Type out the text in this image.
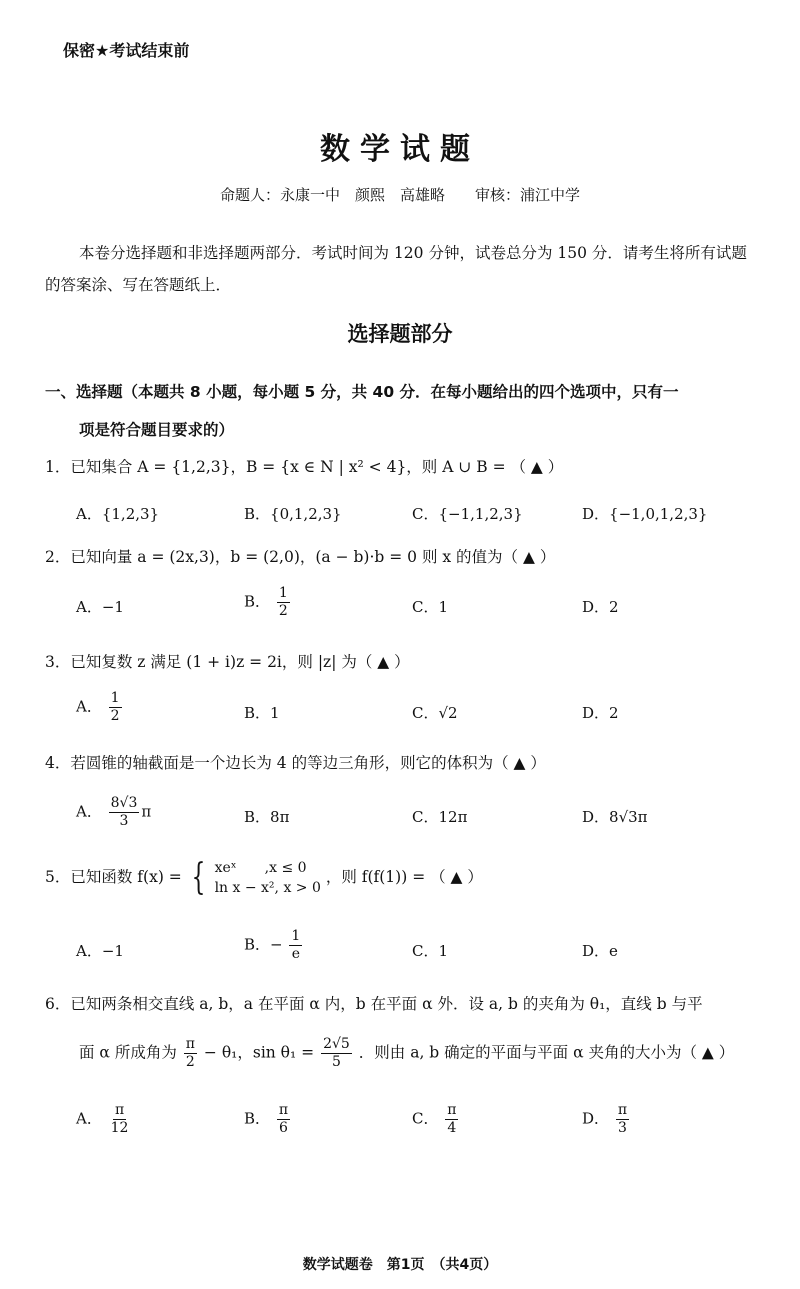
保密★考试结束前
数学试题
命题人：永康一中　颜熙　高雄略　　审核：浦江中学
本卷分选择题和非选择题两部分．考试时间为 120 分钟，试卷总分为 150 分．请考生将所有试题的答案涂、写在答题纸上．
选择题部分
一、选择题（本题共 8 小题，每小题 5 分，共 40 分．在每小题给出的四个选项中，只有一
项是符合题目要求的）
1．已知集合 A = {1,2,3}，B = {x ∈ N | x² < 4}，则 A ∪ B = （ ▲ ）
A．{1,2,3}	B．{0,1,2,3}	C．{−1,1,2,3}	D．{−1,0,1,2,3}
2．已知向量 a = (2x,3)，b = (2,0)，(a − b)·b = 0 则 x 的值为（ ▲ ）
A．−1	B． $\frac{1}{2}$	C．1	D．2
3．已知复数 z 满足 (1 + i)z = 2i，则 |z| 为（ ▲ ）
A． $\frac{1}{2}$	B．1	C．√2	D．2
4．若圆锥的轴截面是一个边长为 4 的等边三角形，则它的体积为（ ▲ ）
A． $\frac{8√3}{3}$ π	B．8π	C．12π	D．8√3π
5．已知函数 f(x) = { xeˣ　　,x ≤ 0
ln x − x², x > 0
，则 f(f(1)) = （ ▲ ）
A．−1	B．− $\frac{1}{e}$	C．1	D．e
6．已知两条相交直线 a, b，a 在平面 α 内，b 在平面 α 外．设 a, b 的夹角为 θ₁，直线 b 与平
面 α 所成角为 $\frac{\pi}{2} - \theta_1$，$\sin \theta_1 = \frac{2√5}{5}$ ．则由 a, b 确定的平面与平面 α 夹角的大小为（ ▲ ）
A． $\frac{\pi}{12}$	B． $\frac{\pi}{6}$	C． $\frac{\pi}{4}$	D． $\frac{\pi}{3}$
数学试题卷　第1页　（共4页）
